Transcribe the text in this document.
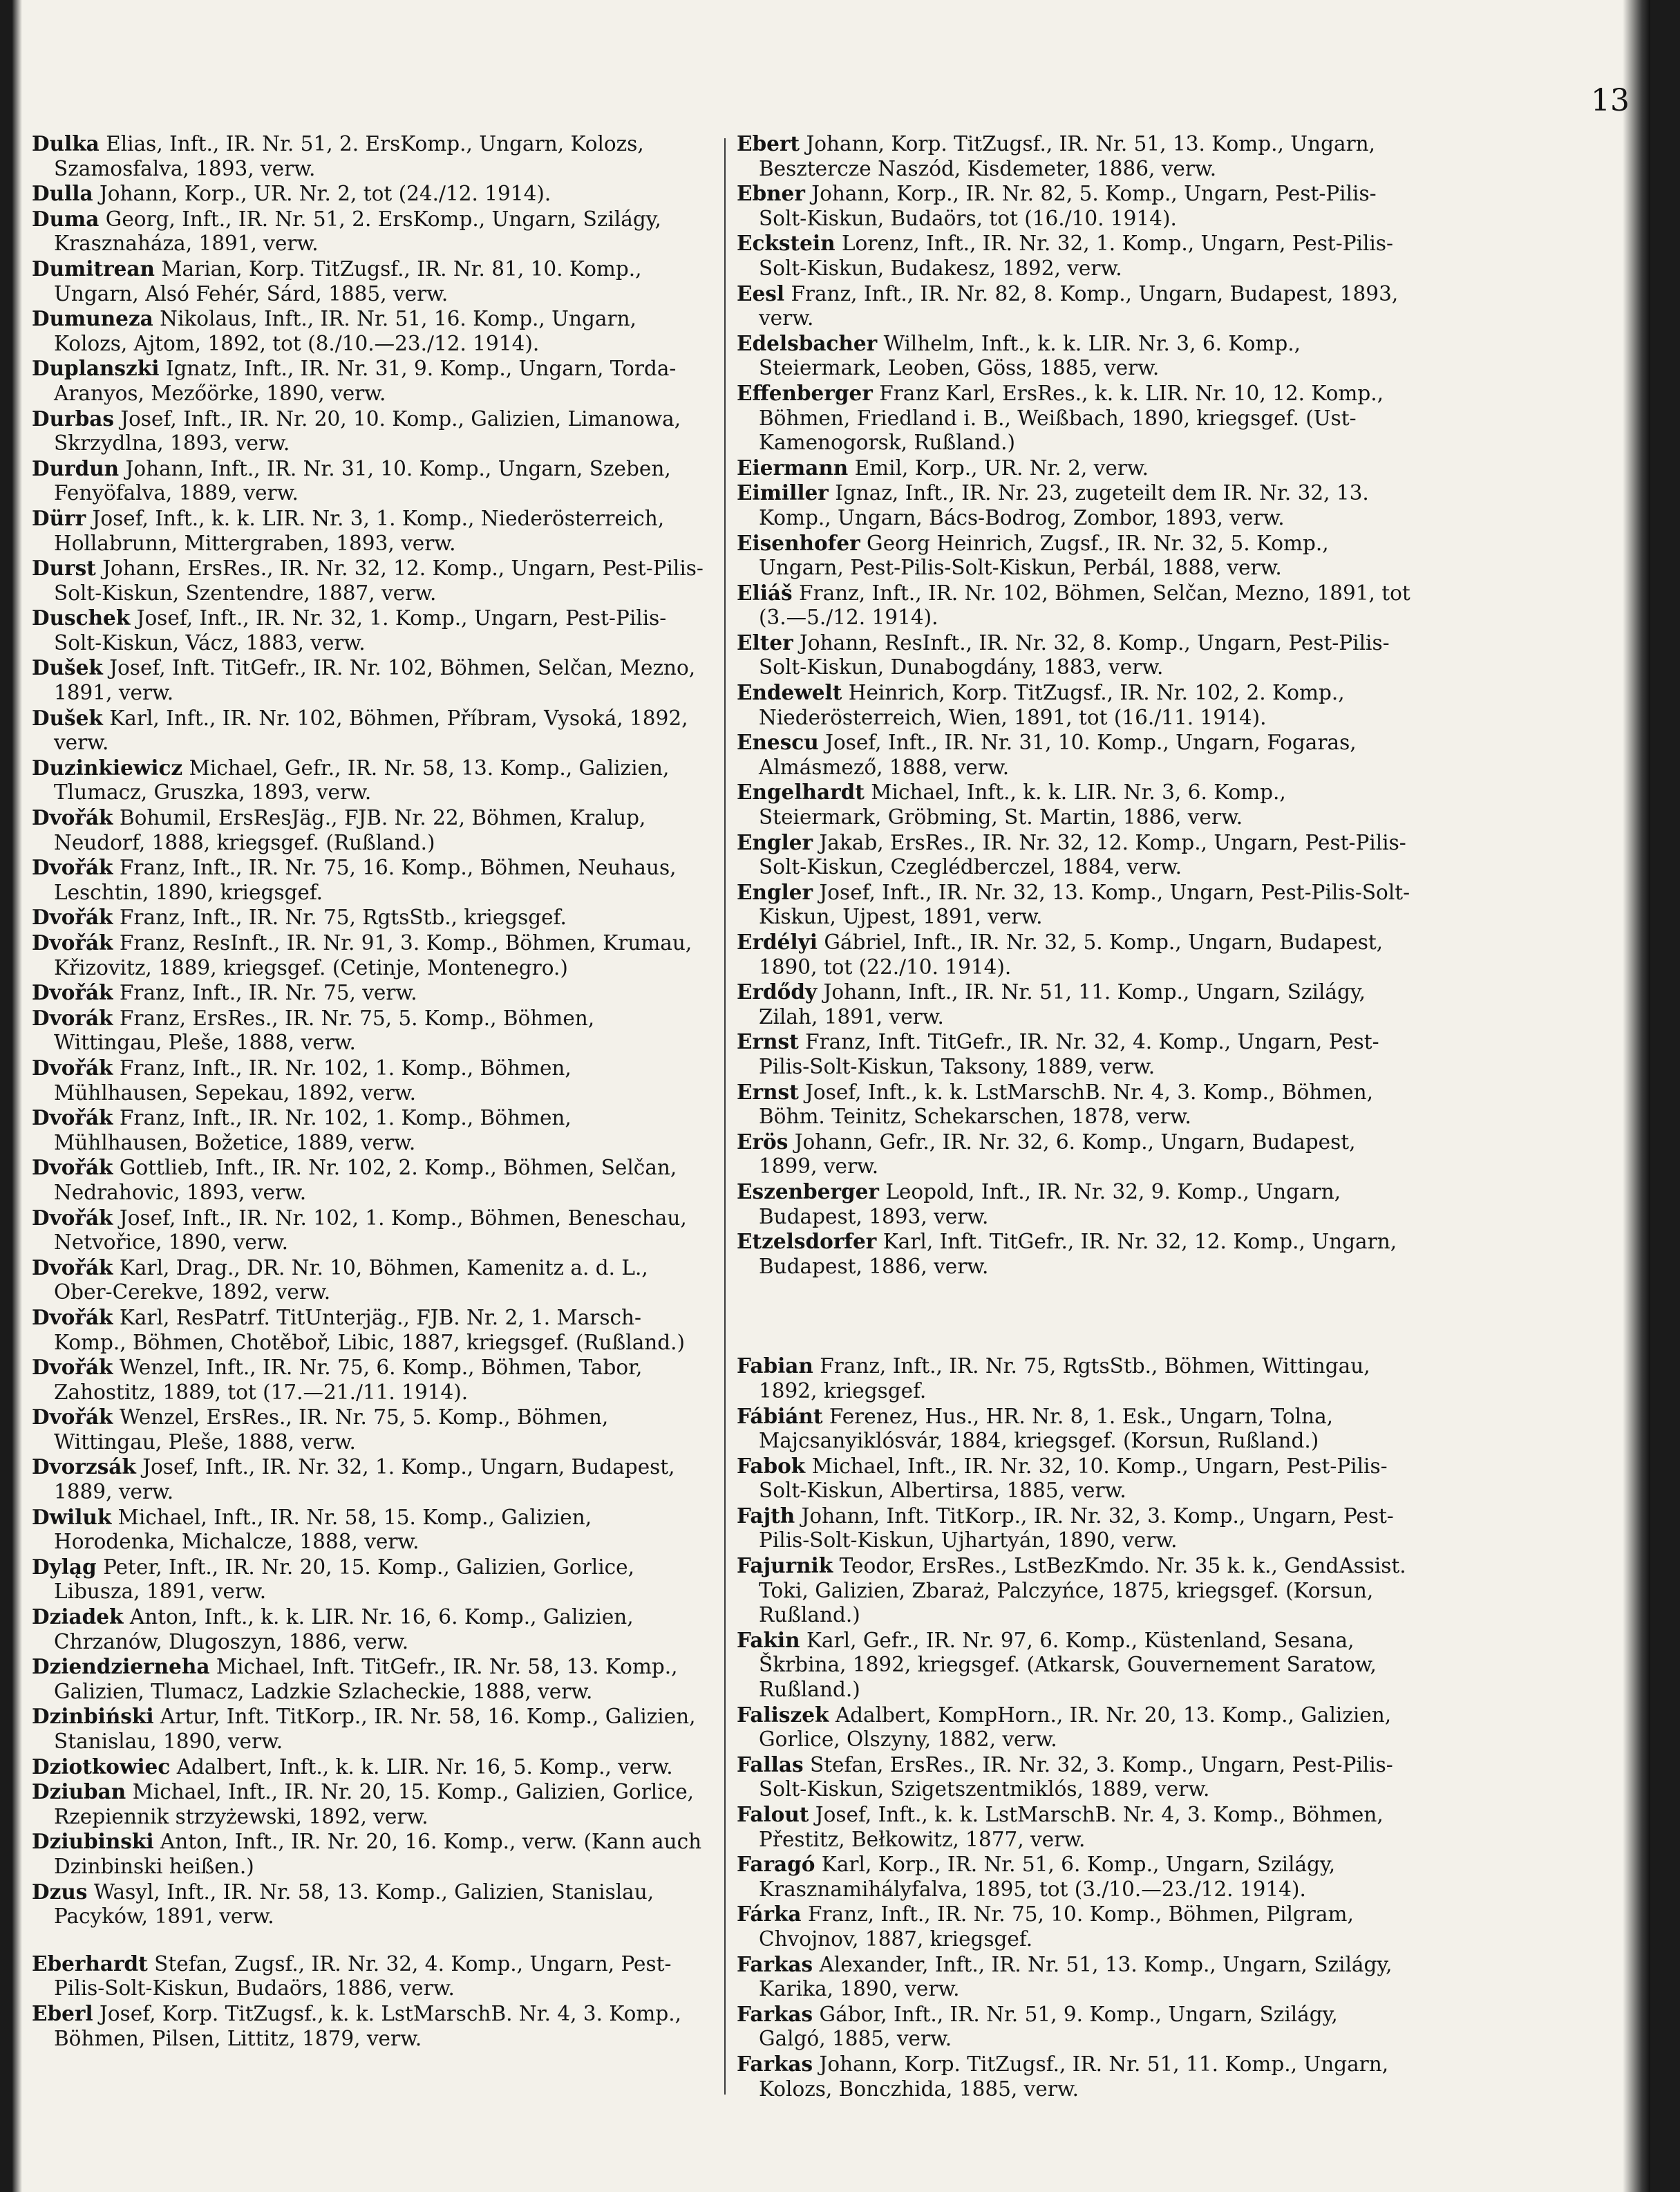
13

Dulka Elias, Inft., IR. Nr. 51, 2. ErsKomp., Ungarn, Kolozs, Szamosfalva, 1893, verw.

Dulla Johann, Korp., UR. Nr. 2, tot (24./12. 1914).

Duma Georg, Inft., IR. Nr. 51, 2. ErsKomp., Ungarn, Szilágy, Krasznaháza, 1891, verw.

Dumitrean Marian, Korp. TitZugsf., IR. Nr. 81, 10. Komp., Ungarn, Alsó Fehér, Sárd, 1885, verw.

Dumuneza Nikolaus, Inft., IR. Nr. 51, 16. Komp., Ungarn, Kolozs, Ajtom, 1892, tot (8./10.—23./12. 1914).

Duplanszki Ignatz, Inft., IR. Nr. 31, 9. Komp., Ungarn, Torda-Aranyos, Mezőörke, 1890, verw.

Durbas Josef, Inft., IR. Nr. 20, 10. Komp., Galizien, Limanowa, Skrzydlna, 1893, verw.

Durdun Johann, Inft., IR. Nr. 31, 10. Komp., Ungarn, Szeben, Fenyöfalva, 1889, verw.

Dürr Josef, Inft., k. k. LIR. Nr. 3, 1. Komp., Niederösterreich, Hollabrunn, Mittergraben, 1893, verw.

Durst Johann, ErsRes., IR. Nr. 32, 12. Komp., Ungarn, Pest-Pilis-Solt-Kiskun, Szentendre, 1887, verw.

Duschek Josef, Inft., IR. Nr. 32, 1. Komp., Ungarn, Pest-Pilis-Solt-Kiskun, Vácz, 1883, verw.

Dušek Josef, Inft. TitGefr., IR. Nr. 102, Böhmen, Selčan, Mezno, 1891, verw.

Dušek Karl, Inft., IR. Nr. 102, Böhmen, Příbram, Vysoká, 1892, verw.

Duzinkiewicz Michael, Gefr., IR. Nr. 58, 13. Komp., Galizien, Tlumacz, Gruszka, 1893, verw.

Dvořák Bohumil, ErsResJäg., FJB. Nr. 22, Böhmen, Kralup, Neudorf, 1888, kriegsgef. (Rußland.)

Dvořák Franz, Inft., IR. Nr. 75, 16. Komp., Böhmen, Neuhaus, Leschtin, 1890, kriegsgef.

Dvořák Franz, Inft., IR. Nr. 75, RgtsStb., kriegsgef.

Dvořák Franz, ResInft., IR. Nr. 91, 3. Komp., Böhmen, Krumau, Křizovitz, 1889, kriegsgef. (Cetinje, Montenegro.)

Dvořák Franz, Inft., IR. Nr. 75, verw.

Dvorák Franz, ErsRes., IR. Nr. 75, 5. Komp., Böhmen, Wittingau, Pleše, 1888, verw.

Dvořák Franz, Inft., IR. Nr. 102, 1. Komp., Böhmen, Mühlhausen, Sepekau, 1892, verw.

Dvořák Franz, Inft., IR. Nr. 102, 1. Komp., Böhmen, Mühlhausen, Božetice, 1889, verw.

Dvořák Gottlieb, Inft., IR. Nr. 102, 2. Komp., Böhmen, Selčan, Nedrahovic, 1893, verw.

Dvořák Josef, Inft., IR. Nr. 102, 1. Komp., Böhmen, Beneschau, Netvořice, 1890, verw.

Dvořák Karl, Drag., DR. Nr. 10, Böhmen, Kamenitz a. d. L., Ober-Cerekve, 1892, verw.

Dvořák Karl, ResPatrf. TitUnterjäg., FJB. Nr. 2, 1. Marsch-Komp., Böhmen, Chotěboř, Libic, 1887, kriegsgef. (Rußland.)

Dvořák Wenzel, Inft., IR. Nr. 75, 6. Komp., Böhmen, Tabor, Zahostitz, 1889, tot (17.—21./11. 1914).

Dvořák Wenzel, ErsRes., IR. Nr. 75, 5. Komp., Böhmen, Wittingau, Pleše, 1888, verw.

Dvorzsák Josef, Inft., IR. Nr. 32, 1. Komp., Ungarn, Budapest, 1889, verw.

Dwiluk Michael, Inft., IR. Nr. 58, 15. Komp., Galizien, Horodenka, Michalcze, 1888, verw.

Dyląg Peter, Inft., IR. Nr. 20, 15. Komp., Galizien, Gorlice, Libusza, 1891, verw.

Dziadek Anton, Inft., k. k. LIR. Nr. 16, 6. Komp., Galizien, Chrzanów, Dlugoszyn, 1886, verw.

Dziendzierneha Michael, Inft. TitGefr., IR. Nr. 58, 13. Komp., Galizien, Tlumacz, Ladzkie Szlacheckie, 1888, verw.

Dzinbiński Artur, Inft. TitKorp., IR. Nr. 58, 16. Komp., Galizien, Stanislau, 1890, verw.

Dziotkowiec Adalbert, Inft., k. k. LIR. Nr. 16, 5. Komp., verw.

Dziuban Michael, Inft., IR. Nr. 20, 15. Komp., Galizien, Gorlice, Rzepiennik strzyżewski, 1892, verw.

Dziubinski Anton, Inft., IR. Nr. 20, 16. Komp., verw. (Kann auch Dzinbinski heißen.)

Dzus Wasyl, Inft., IR. Nr. 58, 13. Komp., Galizien, Stanislau, Pacyków, 1891, verw.

Eberhardt Stefan, Zugsf., IR. Nr. 32, 4. Komp., Ungarn, Pest-Pilis-Solt-Kiskun, Budaörs, 1886, verw.

Eberl Josef, Korp. TitZugsf., k. k. LstMarschB. Nr. 4, 3. Komp., Böhmen, Pilsen, Littitz, 1879, verw.

Ebert Johann, Korp. TitZugsf., IR. Nr. 51, 13. Komp., Ungarn, Besztercze Naszód, Kisdemeter, 1886, verw.

Ebner Johann, Korp., IR. Nr. 82, 5. Komp., Ungarn, Pest-Pilis-Solt-Kiskun, Budaörs, tot (16./10. 1914).

Eckstein Lorenz, Inft., IR. Nr. 32, 1. Komp., Ungarn, Pest-Pilis-Solt-Kiskun, Budakesz, 1892, verw.

Eesl Franz, Inft., IR. Nr. 82, 8. Komp., Ungarn, Budapest, 1893, verw.

Edelsbacher Wilhelm, Inft., k. k. LIR. Nr. 3, 6. Komp., Steiermark, Leoben, Göss, 1885, verw.

Effenberger Franz Karl, ErsRes., k. k. LIR. Nr. 10, 12. Komp., Böhmen, Friedland i. B., Weißbach, 1890, kriegsgef. (Ust-Kamenogorsk, Rußland.)

Eiermann Emil, Korp., UR. Nr. 2, verw.

Eimiller Ignaz, Inft., IR. Nr. 23, zugeteilt dem IR. Nr. 32, 13. Komp., Ungarn, Bács-Bodrog, Zombor, 1893, verw.

Eisenhofer Georg Heinrich, Zugsf., IR. Nr. 32, 5. Komp., Ungarn, Pest-Pilis-Solt-Kiskun, Perbál, 1888, verw.

Eliáš Franz, Inft., IR. Nr. 102, Böhmen, Selčan, Mezno, 1891, tot (3.—5./12. 1914).

Elter Johann, ResInft., IR. Nr. 32, 8. Komp., Ungarn, Pest-Pilis-Solt-Kiskun, Dunabogdány, 1883, verw.

Endewelt Heinrich, Korp. TitZugsf., IR. Nr. 102, 2. Komp., Niederösterreich, Wien, 1891, tot (16./11. 1914).

Enescu Josef, Inft., IR. Nr. 31, 10. Komp., Ungarn, Fogaras, Almásmező, 1888, verw.

Engelhardt Michael, Inft., k. k. LIR. Nr. 3, 6. Komp., Steiermark, Gröbming, St. Martin, 1886, verw.

Engler Jakab, ErsRes., IR. Nr. 32, 12. Komp., Ungarn, Pest-Pilis-Solt-Kiskun, Czeglédberczel, 1884, verw.

Engler Josef, Inft., IR. Nr. 32, 13. Komp., Ungarn, Pest-Pilis-Solt-Kiskun, Ujpest, 1891, verw.

Erdélyi Gábriel, Inft., IR. Nr. 32, 5. Komp., Ungarn, Budapest, 1890, tot (22./10. 1914).

Erdődy Johann, Inft., IR. Nr. 51, 11. Komp., Ungarn, Szilágy, Zilah, 1891, verw.

Ernst Franz, Inft. TitGefr., IR. Nr. 32, 4. Komp., Ungarn, Pest-Pilis-Solt-Kiskun, Taksony, 1889, verw.

Ernst Josef, Inft., k. k. LstMarschB. Nr. 4, 3. Komp., Böhmen, Böhm. Teinitz, Schekarschen, 1878, verw.

Erös Johann, Gefr., IR. Nr. 32, 6. Komp., Ungarn, Budapest, 1899, verw.

Eszenberger Leopold, Inft., IR. Nr. 32, 9. Komp., Ungarn, Budapest, 1893, verw.

Etzelsdorfer Karl, Inft. TitGefr., IR. Nr. 32, 12. Komp., Ungarn, Budapest, 1886, verw.

Fabian Franz, Inft., IR. Nr. 75, RgtsStb., Böhmen, Wittingau, 1892, kriegsgef.

Fábiánt Ferenez, Hus., HR. Nr. 8, 1. Esk., Ungarn, Tolna, Majcsanyiklósvár, 1884, kriegsgef. (Korsun, Rußland.)

Fabok Michael, Inft., IR. Nr. 32, 10. Komp., Ungarn, Pest-Pilis-Solt-Kiskun, Albertirsa, 1885, verw.

Fajth Johann, Inft. TitKorp., IR. Nr. 32, 3. Komp., Ungarn, Pest-Pilis-Solt-Kiskun, Ujhartyán, 1890, verw.

Fajurnik Teodor, ErsRes., LstBezKmdo. Nr. 35 k. k., GendAssist. Toki, Galizien, Zbaraż, Palczyńce, 1875, kriegsgef. (Korsun, Rußland.)

Fakin Karl, Gefr., IR. Nr. 97, 6. Komp., Küstenland, Sesana, Škrbina, 1892, kriegsgef. (Atkarsk, Gouvernement Saratow, Rußland.)

Faliszek Adalbert, KompHorn., IR. Nr. 20, 13. Komp., Galizien, Gorlice, Olszyny, 1882, verw.

Fallas Stefan, ErsRes., IR. Nr. 32, 3. Komp., Ungarn, Pest-Pilis-Solt-Kiskun, Szigetszentmiklós, 1889, verw.

Falout Josef, Inft., k. k. LstMarschB. Nr. 4, 3. Komp., Böhmen, Přestitz, Bełkowitz, 1877, verw.

Faragó Karl, Korp., IR. Nr. 51, 6. Komp., Ungarn, Szilágy, Krasznamihályfalva, 1895, tot (3./10.—23./12. 1914).

Fárka Franz, Inft., IR. Nr. 75, 10. Komp., Böhmen, Pilgram, Chvojnov, 1887, kriegsgef.

Farkas Alexander, Inft., IR. Nr. 51, 13. Komp., Ungarn, Szilágy, Karika, 1890, verw.

Farkas Gábor, Inft., IR. Nr. 51, 9. Komp., Ungarn, Szilágy, Galgó, 1885, verw.

Farkas Johann, Korp. TitZugsf., IR. Nr. 51, 11. Komp., Ungarn, Kolozs, Bonczhida, 1885, verw.
